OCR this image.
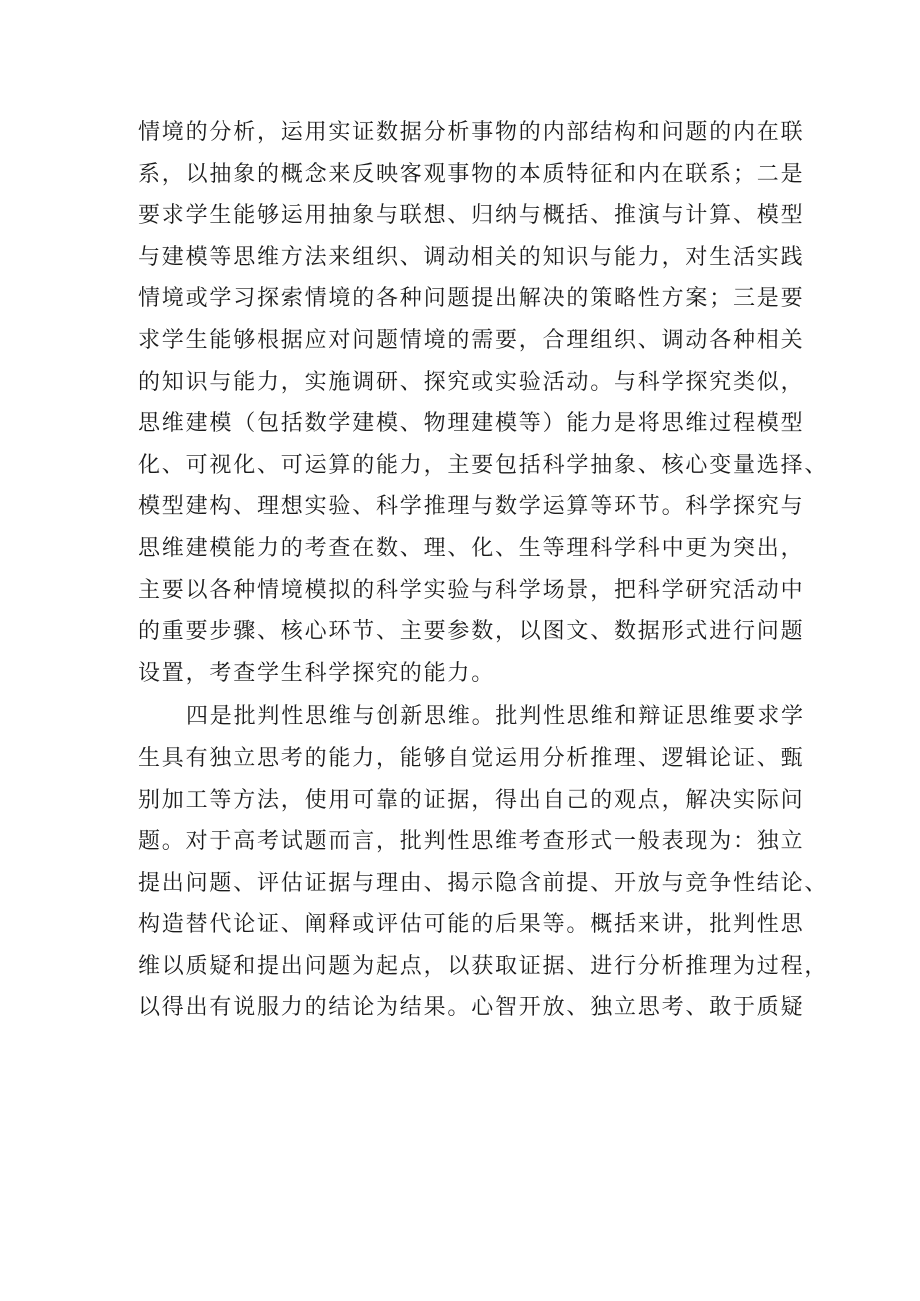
情境的分析，运用实证数据分析事物的内部结构和问题的内在联
系，以抽象的概念来反映客观事物的本质特征和内在联系；二是
要求学生能够运用抽象与联想、归纳与概括、推演与计算、模型
与建模等思维方法来组织、调动相关的知识与能力，对生活实践
情境或学习探索情境的各种问题提出解决的策略性方案；三是要
求学生能够根据应对问题情境的需要，合理组织、调动各种相关
的知识与能力，实施调研、探究或实验活动。与科学探究类似，
思维建模（包括数学建模、物理建模等）能力是将思维过程模型
化、可视化、可运算的能力，主要包括科学抽象、核心变量选择、
模型建构、理想实验、科学推理与数学运算等环节。科学探究与
思维建模能力的考查在数、理、化、生等理科学科中更为突出，
主要以各种情境模拟的科学实验与科学场景，把科学研究活动中
的重要步骤、核心环节、主要参数，以图文、数据形式进行问题
设置，考查学生科学探究的能力。
四是批判性思维与创新思维。批判性思维和辩证思维要求学
生具有独立思考的能力，能够自觉运用分析推理、逻辑论证、甄
别加工等方法，使用可靠的证据，得出自己的观点，解决实际问
题。对于高考试题而言，批判性思维考查形式一般表现为：独立
提出问题、评估证据与理由、揭示隐含前提、开放与竞争性结论、
构造替代论证、阐释或评估可能的后果等。概括来讲，批判性思
维以质疑和提出问题为起点，以获取证据、进行分析推理为过程，
以得出有说服力的结论为结果。心智开放、独立思考、敢于质疑
